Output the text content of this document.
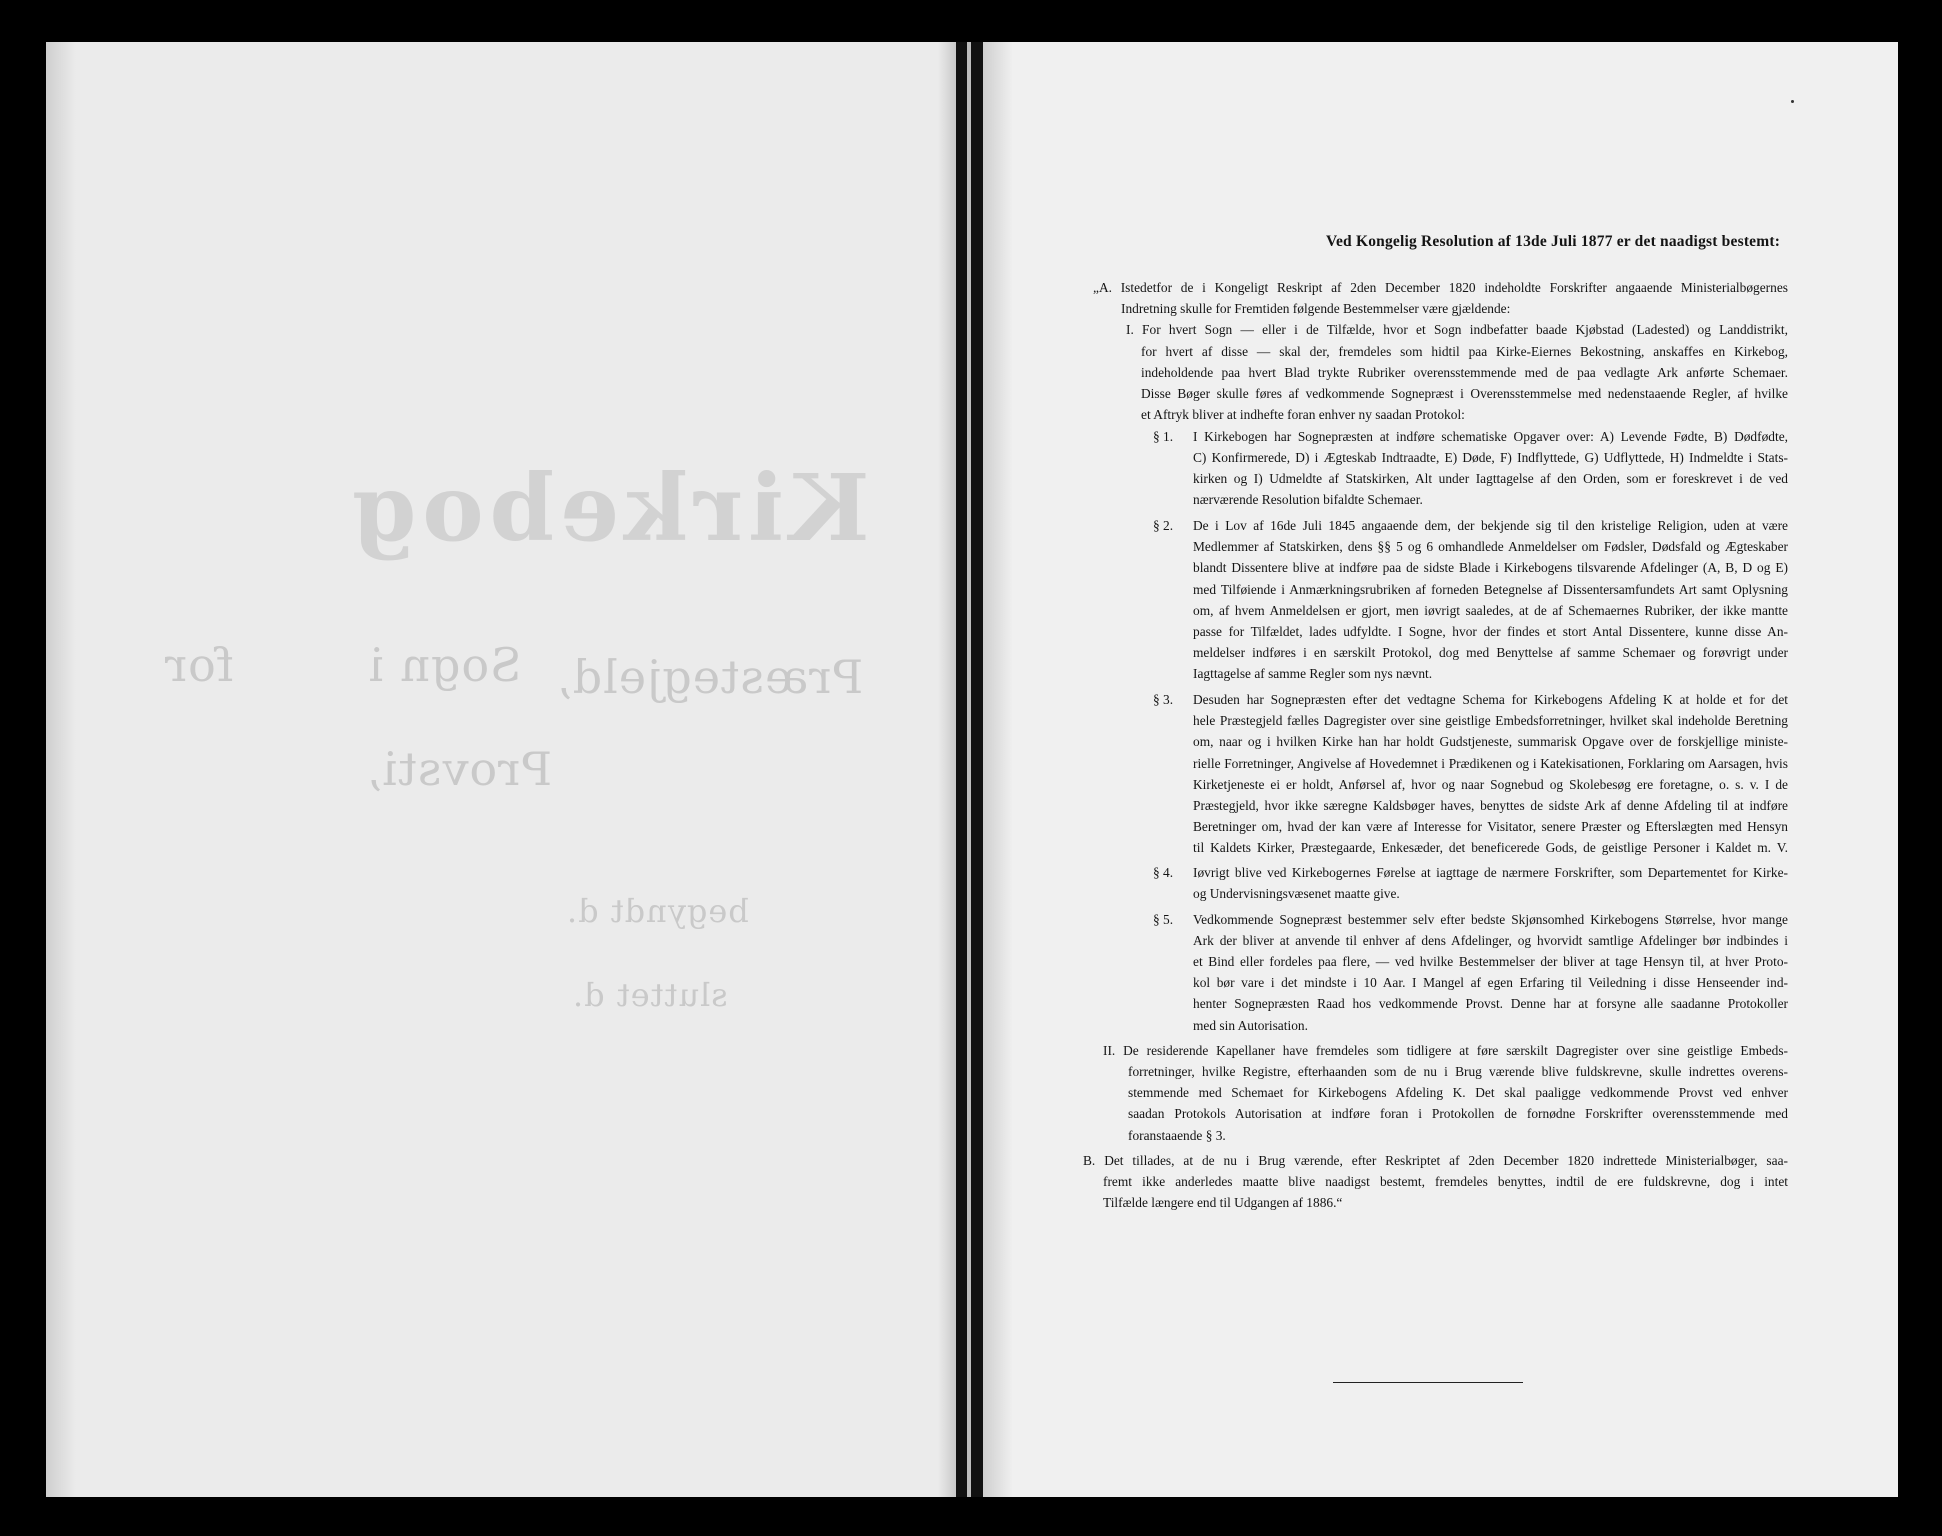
Kirkebog
for	Sogn i Præstegjeld,
Provsti,
begyndt d.
sluttet d.
Ved Kongelig Resolution af 13de Juli 1877 er det naadigst bestemt:
„A. Istedetfor de i Kongeligt Reskript af 2den December 1820 indeholdte Forskrifter angaaende Ministerialbøgernes
Indretning skulle for Fremtiden følgende Bestemmelser være gjældende:
I. For hvert Sogn — eller i de Tilfælde, hvor et Sogn indbefatter baade Kjøbstad (Ladested) og Landdistrikt,
for hvert af disse — skal der, fremdeles som hidtil paa Kirke-Eiernes Bekostning, anskaffes en Kirkebog,
indeholdende paa hvert Blad trykte Rubriker overensstemmende med de paa vedlagte Ark anførte Schemaer.
Disse Bøger skulle føres af vedkommende Sognepræst i Overensstemmelse med nedenstaaende Regler, af hvilke
et Aftryk bliver at indhefte foran enhver ny saadan Protokol:
§ 1. I Kirkebogen har Sognepræsten at indføre schematiske Opgaver over: A) Levende Fødte, B) Dødfødte,
C) Konfirmerede, D) i Ægteskab Indtraadte, E) Døde, F) Indflyttede, G) Udflyttede, H) Indmeldte i Stats-
kirken og I) Udmeldte af Statskirken, Alt under Iagttagelse af den Orden, som er foreskrevet i de ved
nærværende Resolution bifaldte Schemaer.
§ 2. De i Lov af 16de Juli 1845 angaaende dem, der bekjende sig til den kristelige Religion, uden at være
Medlemmer af Statskirken, dens §§ 5 og 6 omhandlede Anmeldelser om Fødsler, Dødsfald og Ægteskaber
blandt Dissentere blive at indføre paa de sidste Blade i Kirkebogens tilsvarende Afdelinger (A, B, D og E)
med Tilføiende i Anmærkningsrubriken af forneden Betegnelse af Dissentersamfundets Art samt Oplysning
om, af hvem Anmeldelsen er gjort, men iøvrigt saaledes, at de af Schemaernes Rubriker, der ikke mantte
passe for Tilfældet, lades udfyldte. I Sogne, hvor der findes et stort Antal Dissentere, kunne disse An-
meldelser indføres i en særskilt Protokol, dog med Benyttelse af samme Schemaer og forøvrigt under
Iagttagelse af samme Regler som nys nævnt.
§ 3. Desuden har Sognepræsten efter det vedtagne Schema for Kirkebogens Afdeling K at holde et for det
hele Præstegjeld fælles Dagregister over sine geistlige Embedsforretninger, hvilket skal indeholde Beretning
om, naar og i hvilken Kirke han har holdt Gudstjeneste, summarisk Opgave over de forskjellige ministe-
rielle Forretninger, Angivelse af Hovedemnet i Prædikenen og i Katekisationen, Forklaring om Aarsagen, hvis
Kirketjeneste ei er holdt, Anførsel af, hvor og naar Sognebud og Skolebesøg ere foretagne, o. s. v. I de
Præstegjeld, hvor ikke særegne Kaldsbøger haves, benyttes de sidste Ark af denne Afdeling til at indføre
Beretninger om, hvad der kan være af Interesse for Visitator, senere Præster og Efterslægten med Hensyn
til Kaldets Kirker, Præstegaarde, Enkesæder, det beneficerede Gods, de geistlige Personer i Kaldet m. V.
§ 4. Iøvrigt blive ved Kirkebogernes Førelse at iagttage de nærmere Forskrifter, som Departementet for Kirke-
og Undervisningsvæsenet maatte give.
§ 5. Vedkommende Sognepræst bestemmer selv efter bedste Skjønsomhed Kirkebogens Størrelse, hvor mange
Ark der bliver at anvende til enhver af dens Afdelinger, og hvorvidt samtlige Afdelinger bør indbindes i
et Bind eller fordeles paa flere, — ved hvilke Bestemmelser der bliver at tage Hensyn til, at hver Proto-
kol bør vare i det mindste i 10 Aar. I Mangel af egen Erfaring til Veiledning i disse Henseender ind-
henter Sognepræsten Raad hos vedkommende Provst. Denne har at forsyne alle saadanne Protokoller
med sin Autorisation.
II. De residerende Kapellaner have fremdeles som tidligere at føre særskilt Dagregister over sine geistlige Embeds-
forretninger, hvilke Registre, efterhaanden som de nu i Brug værende blive fuldskrevne, skulle indrettes overens-
stemmende med Schemaet for Kirkebogens Afdeling K. Det skal paaligge vedkommende Provst ved enhver
saadan Protokols Autorisation at indføre foran i Protokollen de fornødne Forskrifter overensstemmende med
foranstaaende § 3.
B. Det tillades, at de nu i Brug værende, efter Reskriptet af 2den December 1820 indrettede Ministerialbøger, saa-
fremt ikke anderledes maatte blive naadigst bestemt, fremdeles benyttes, indtil de ere fuldskrevne, dog i intet
Tilfælde længere end til Udgangen af 1886.“
